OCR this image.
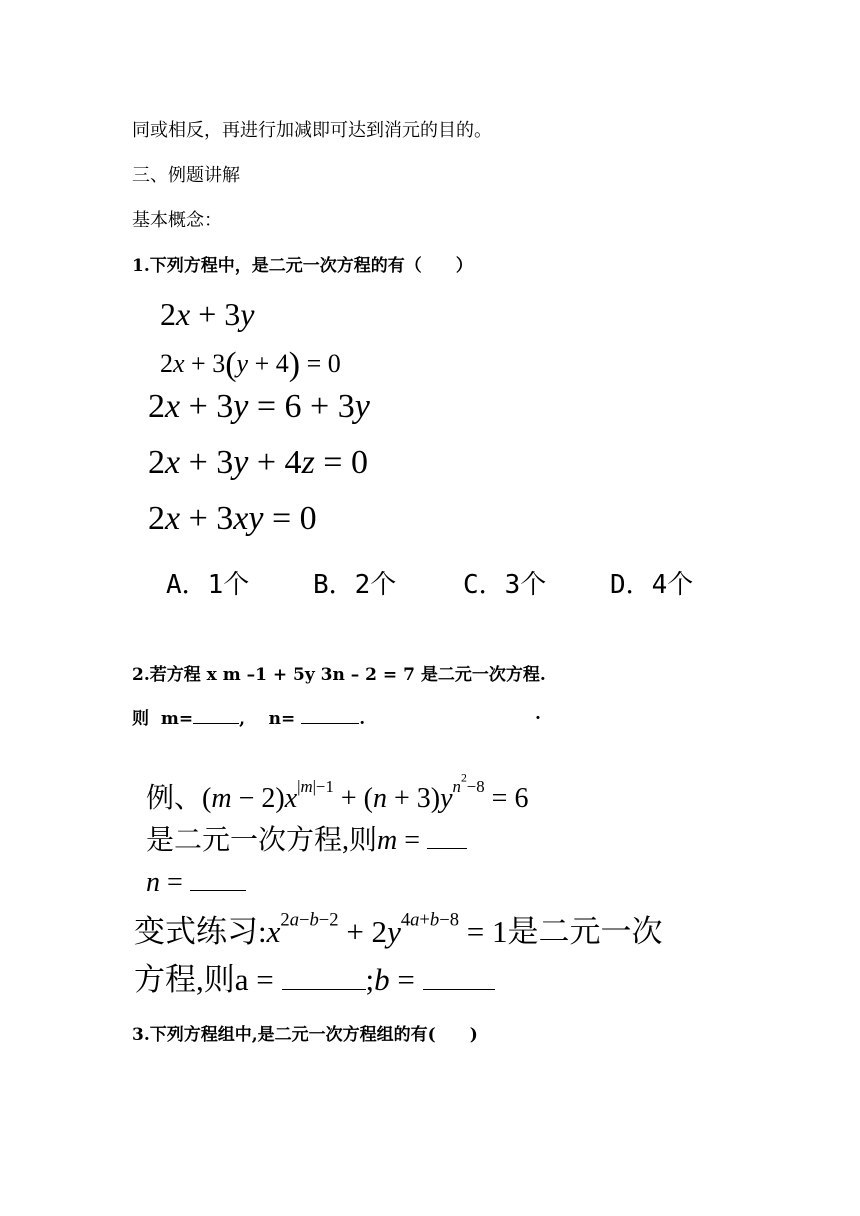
同或相反，再进行加减即可达到消元的目的。
三、例题讲解
基本概念：
1.下列方程中，是二元一次方程的有（　　）
2x + 3y
2x + 3(y + 4) = 0
2x + 3y = 6 + 3y
2x + 3y + 4z = 0
2x + 3xy = 0
A．1个 B．2个	C．3个 D．4个
2.若方程 x m –1 + 5y 3n – 2 = 7 是二元一次方程.
则 m=	,    n=	.	.
例、$(m - 2)x^{|m|-1} + (n + 3)y^{n^2-8} = 6$
是二元一次方程,则m =
n =
变式练习$:x^{2a-b-2} + 2y^{4a+b-8} = 1$是二元一次
方程,则a =	;b =
3.下列方程组中,是二元一次方程组的有(　　)
